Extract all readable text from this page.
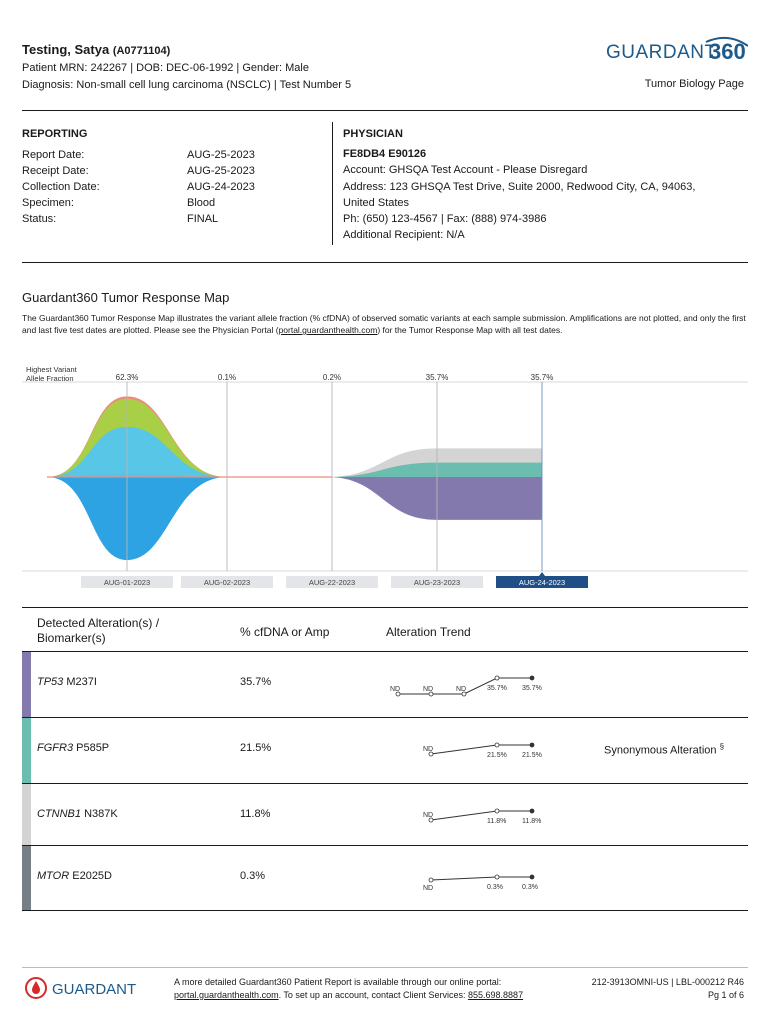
Testing, Satya (A0771104)
Patient MRN: 242267 | DOB: DEC-06-1992 | Gender: Male
Diagnosis: Non-small cell lung carcinoma (NSCLC) | Test Number 5
GUARDANT
360
Tumor Biology Page
REPORTING
Report Date:	AUG-25-2023
Receipt Date:	AUG-25-2023
Collection Date:	AUG-24-2023
Specimen:	Blood
Status:	FINAL
PHYSICIAN
FE8DB4 E90126
Account: GHSQA Test Account - Please Disregard
Address: 123 GHSQA Test Drive, Suite 2000, Redwood City, CA, 94063,
United States
Ph: (650) 123-4567 | Fax: (888) 974-3986
Additional Recipient: N/A
Guardant360 Tumor Response Map
The Guardant360 Tumor Response Map illustrates the variant allele fraction (% cfDNA) of observed somatic variants at each sample submission. Amplifications are not plotted, and only the first and last five test dates are plotted. Please see the Physician Portal (portal.guardanthealth.com) for the Tumor Response Map with all test dates.
Highest Variant
Allele Fraction	62.3%	0.1%	0.2%	35.7%	35.7%
AUG-01-2023	AUG-02-2023	AUG-22-2023	AUG-23-2023	AUG-24-2023
Detected Alteration(s) /
Biomarker(s)	% cfDNA or Amp	Alteration Trend
TP53 M237I	35.7%
ND	ND	ND	35.7% 35.7%
FGFR3 P585P	21.5%	Synonymous Alteration §
ND
21.5% 21.5%
CTNNB1 N387K	11.8%	ND
11.8% 11.8%
MTOR E2025D	0.3%
ND	0.3%	0.3%
GUARDANT	A more detailed Guardant360 Patient Report is available through our online portal:
portal.guardanthealth.com. To set up an account, contact Client Services: 855.698.8887
212-3913OMNI-US | LBL-000212 R46
Pg 1 of 6
